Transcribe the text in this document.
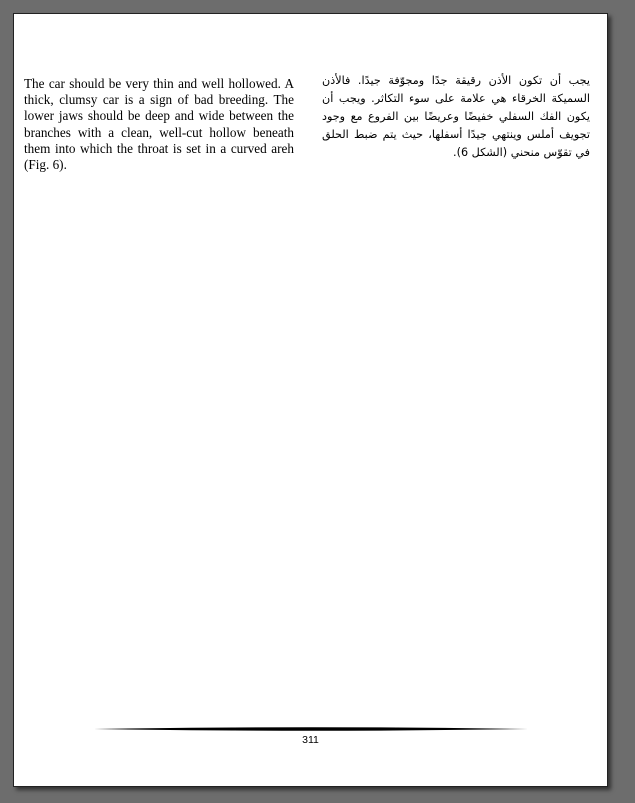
The car should be very thin and well hollowed. A thick, clumsy car is a sign of bad breeding. The lower jaws should be deep and wide between the branches with a clean, well-cut hollow beneath them into which the throat is set in a curved areh (Fig. 6).

يجب أن تكون الأذن رقيقة جدًا ومجوّفة جيدًا. فالأذن السميكة الخرقاء هي علامة على سوء التكاثر. ويجب أن يكون الفك السفلي خفيضًا وعريضًا بين الفروع مع وجود تجويف أملس وينتهي جيدًا أسفلها، حيث يتم ضبط الحلق في تقوّس منحني (الشكل 6).

311
